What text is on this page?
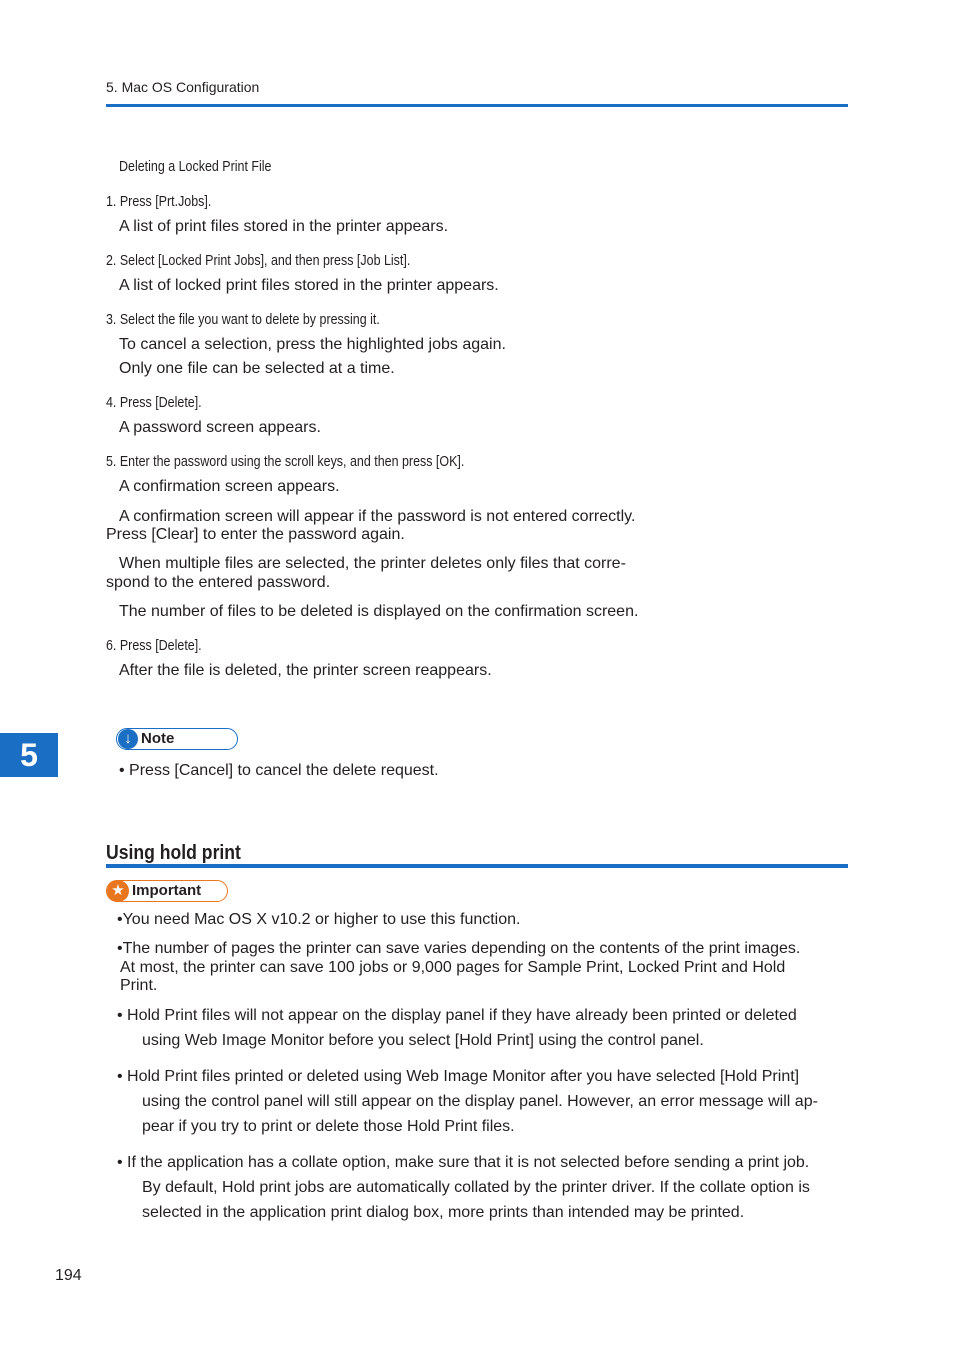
5. Mac OS Configuration
Deleting a Locked Print File
1. Press [Prt.Jobs].
A list of print files stored in the printer appears.
2. Select [Locked Print Jobs], and then press [Job List].
A list of locked print files stored in the printer appears.
3. Select the file you want to delete by pressing it.
To cancel a selection, press the highlighted jobs again.
Only one file can be selected at a time.
4. Press [Delete].
A password screen appears.
5. Enter the password using the scroll keys, and then press [OK].
A confirmation screen appears.
A confirmation screen will appear if the password is not entered correctly.
Press [Clear] to enter the password again.
When multiple files are selected, the printer deletes only files that corre-
spond to the entered password.
The number of files to be deleted is displayed on the confirmation screen.
6. Press [Delete].
After the file is deleted, the printer screen reappears.
5	↓ Note
• Press [Cancel] to cancel the delete request.
Using hold print
★ Important
•You need Mac OS X v10.2 or higher to use this function.
•The number of pages the printer can save varies depending on the contents of the print images.
At most, the printer can save 100 jobs or 9,000 pages for Sample Print, Locked Print and Hold
Print.
• Hold Print files will not appear on the display panel if they have already been printed or deleted
using Web Image Monitor before you select [Hold Print] using the control panel.
• Hold Print files printed or deleted using Web Image Monitor after you have selected [Hold Print]
using the control panel will still appear on the display panel. However, an error message will ap-
pear if you try to print or delete those Hold Print files.
• If the application has a collate option, make sure that it is not selected before sending a print job.
By default, Hold print jobs are automatically collated by the printer driver. If the collate option is
selected in the application print dialog box, more prints than intended may be printed.
194
